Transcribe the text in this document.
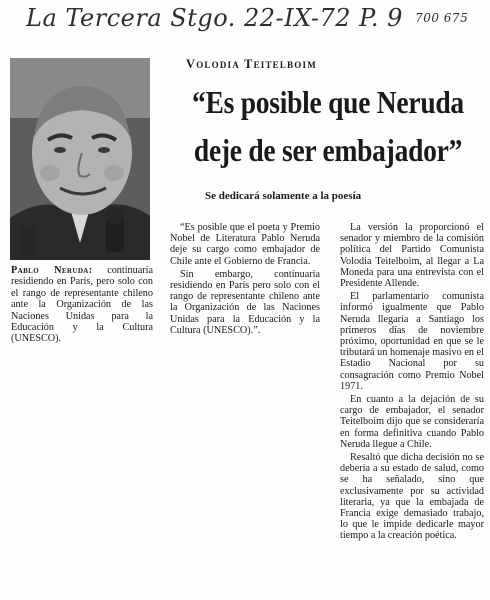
La Tercera Stgo. 22-IX-72 P. 9 700 675
Pablo Neruda: continuaría residiendo en París, pero solo con el rango de representante chileno ante la Organización de las Naciones Unidas para la Educación y la Cultura (UNESCO).
Volodia Teitelboim
“Es posible que Neruda
deje de ser embajador”
Se dedicará solamente a la poesía

“Es posible que el poeta y Premio Nobel de Literatura Pablo Neruda deje su cargo como embajador de Chile ante el Gobierno de Francia.

Sin embargo, continuaría residiendo en París pero solo con el rango de representante chileno ante la Organización de las Naciones Unidas para la Educación y la Cultura (UNESCO).”.

La versión la proporcionó el senador y miembro de la comisión política del Partido Comunista Volodia Teitelboim, al llegar a La Moneda para una entrevista con el Presidente Allende.

El parlamentario comunista informó igualmente que Pablo Neruda llegaría a Santiago los primeros días de noviembre próximo, oportunidad en que se le tributará un homenaje masivo en el Estadio Nacional por su consagración como Premio Nobel 1971.

En cuanto a la dejación de su cargo de embajador, el senador Teitelboim dijo que se consideraría en forma definitiva cuando Pablo Neruda llegue a Chile.

Resaltó que dicha decisión no se debería a su estado de salud, como se ha señalado, sino que exclusivamente por su actividad literaria, ya que la embajada de Francia exige demasiado trabajo, lo que le impide dedicarle mayor tiempo a la creación poética.
